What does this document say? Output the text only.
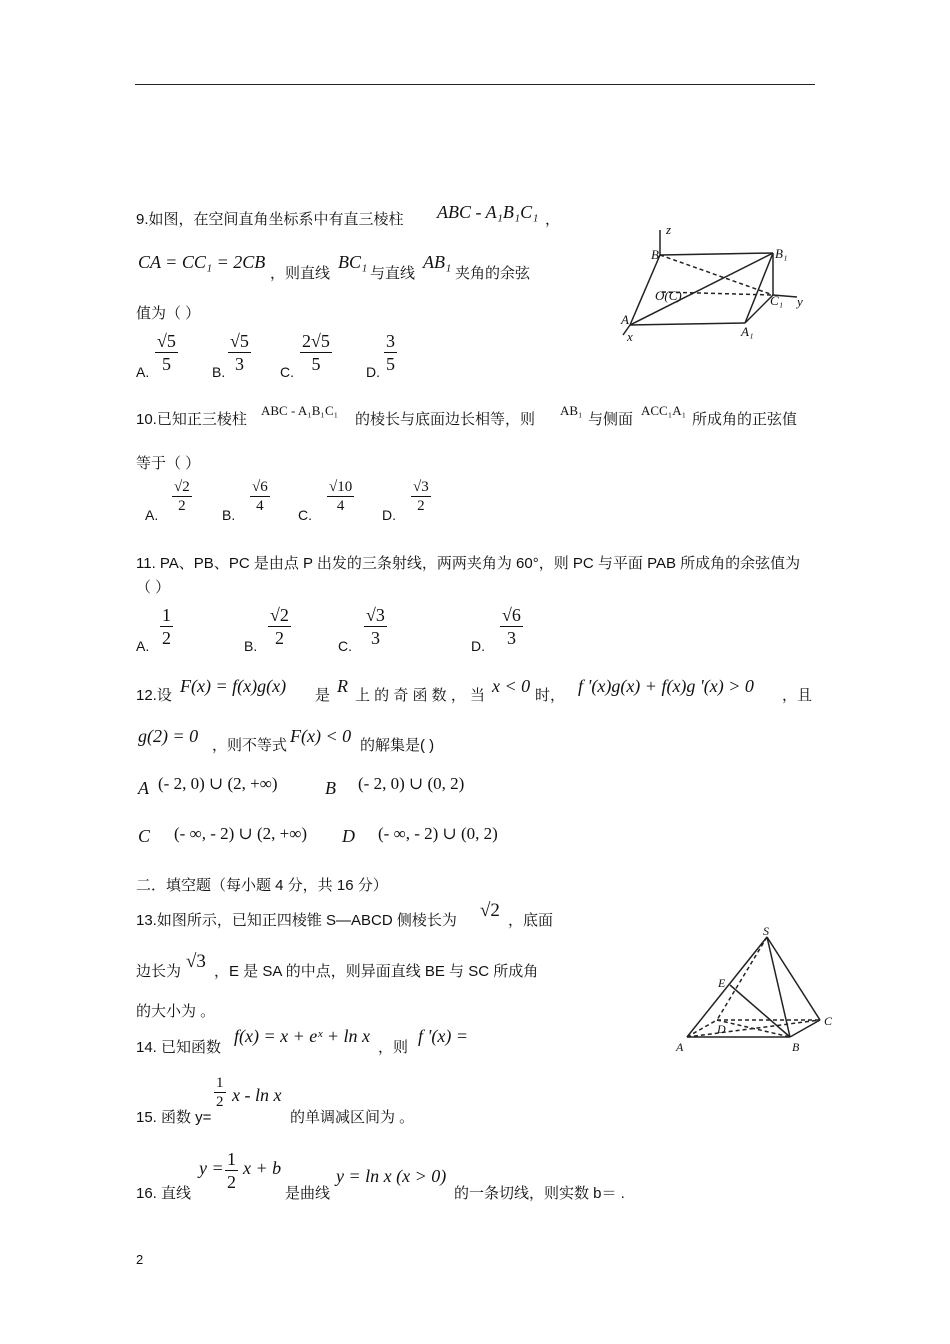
9.如图，在空间直角坐标系中有直三棱柱 ABC - A₁B₁C₁ ，
CA = CC₁ = 2CB
，则直线
BC₁
与直线
AB₁
夹角的余弦
值为（ ）
A. $\frac{√5}{5} B$. $\frac{√5}{3} C$. $\frac{2√5}{5} D$. $\frac{3}{5}$
z
B	B₁
O(C)	C₁ y
A
A₁
x
10.已知正三棱柱
ABC - A₁B₁C₁
的棱长与底面边长相等，则
AB₁
与侧面
ACC₁A₁
所成角的正弦值
等于（ ）
A. $\frac{√2}{2} B$. $\frac{√6}{4} C$. $\frac{√10}{4} D$. $\frac{√3}{2}$
11. PA、PB、PC 是由点 P 出发的三条射线，两两夹角为 60°，则 PC 与平面 PAB 所成角的余弦值为
（ ）
A. $\frac{1}{2}$	B. $\frac{√2}{2}$	C. $\frac{√3}{3}$	D. $\frac{√6}{3}$
12.设 F(x) = f(x)g(x) 是 R 上 的 奇 函 数 ， 当 x < 0 时， f '(x)g(x) + f(x)g '(x) > 0 ，且
g(2) = 0 ，则不等式 F(x) < 0 的解集是( )
A (- 2, 0) ∪ (2, +∞)	B (- 2, 0) ∪ (0, 2)
C (- ∞, - 2) ∪ (2, +∞) D (- ∞, - 2) ∪ (0, 2)
二．填空题（每小题 4 分，共 16 分）
13.如图所示，已知正四棱锥 S—ABCD 侧棱长为 √2 ，底面
边长为 √3 ，E 是 SA 的中点，则异面直线 BE 与 SC 所成角
的大小为 。
S
E
D
C
A	B
14. 已知函数
f(x) = x + eˣ + ln x
，则
f '(x) =
15. 函数 y=
$\frac{1}{2}$ x - ln x
的单调减区间为 。
16. 直线
$y = \frac{1}{2}$ x + b
是曲线
y = ln x (x > 0)
的一条切线，则实数 b＝ .
2
